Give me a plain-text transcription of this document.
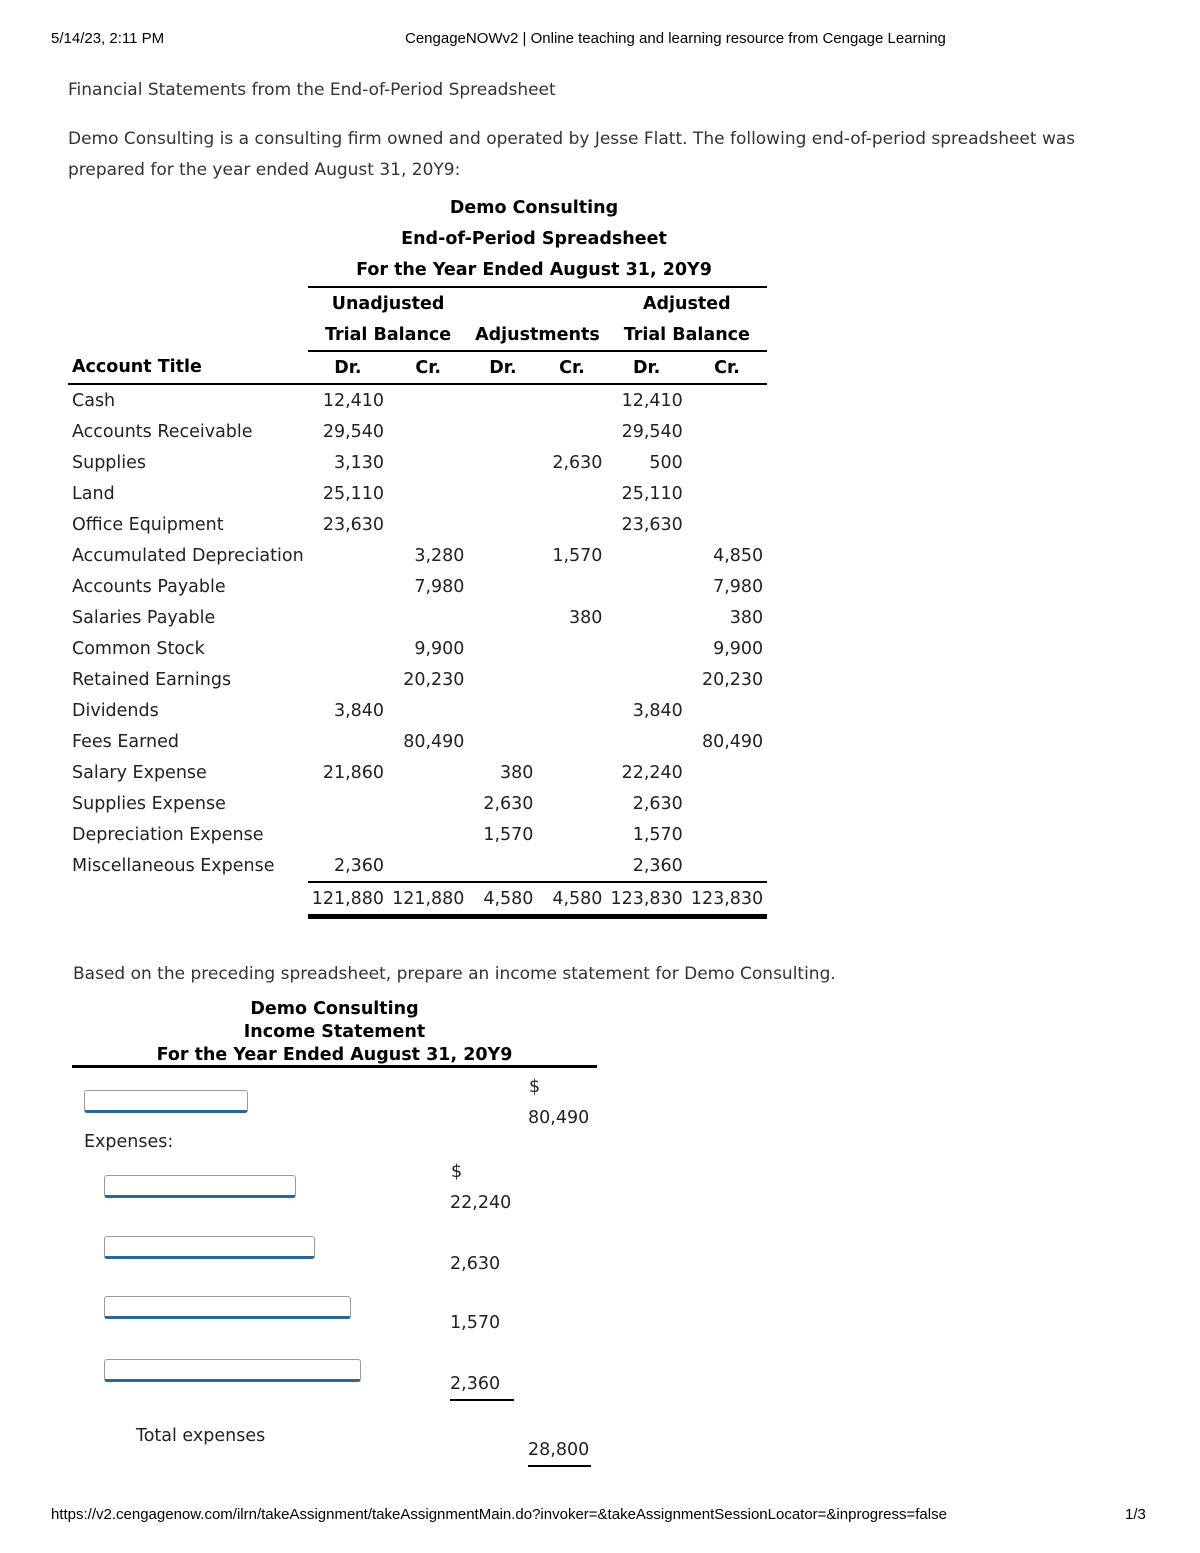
5/14/23, 2:11 PM	CengageNOWv2 | Online teaching and learning resource from Cengage Learning
https://v2.cengagenow.com/ilrn/takeAssignment/takeAssignmentMain.do?invoker=&takeAssignmentSessionLocator=&inprogress=false	1/3
Financial Statements from the End-of-Period Spreadsheet
Demo Consulting is a consulting firm owned and operated by Jesse Flatt. The following end-of-period spreadsheet was prepared for the year ended August 31, 20Y9:
Demo Consulting
End-of-Period Spreadsheet
For the Year Ended August 31, 20Y9
	Unadjusted				Adjusted	
	Trial Balance		Adjustments		Trial Balance	
Account Title	Dr.	Cr.	Dr.	Cr.	Dr.	Cr.
Cash	12,410				12,410	
Accounts Receivable	29,540				29,540	
Supplies	3,130			2,630	500	
Land	25,110				25,110	
Office Equipment	23,630				23,630	
Accumulated Depreciation		3,280		1,570		4,850
Accounts Payable		7,980				7,980
Salaries Payable				380		380
Common Stock		9,900				9,900
Retained Earnings		20,230				20,230
Dividends	3,840				3,840	
Fees Earned		80,490				80,490
Salary Expense	21,860		380		22,240	
Supplies Expense			2,630		2,630	
Depreciation Expense			1,570		1,570	
Miscellaneous Expense	2,360				2,360	
	121,880	121,880	4,580	4,580	123,830	123,830
Based on the preceding spreadsheet, prepare an income statement for Demo Consulting.
Demo Consulting
Income Statement
For the Year Ended August 31, 20Y9
$
80,490
Expenses:
$
22,240
2,630
1,570
2,360
Total expenses
28,800
